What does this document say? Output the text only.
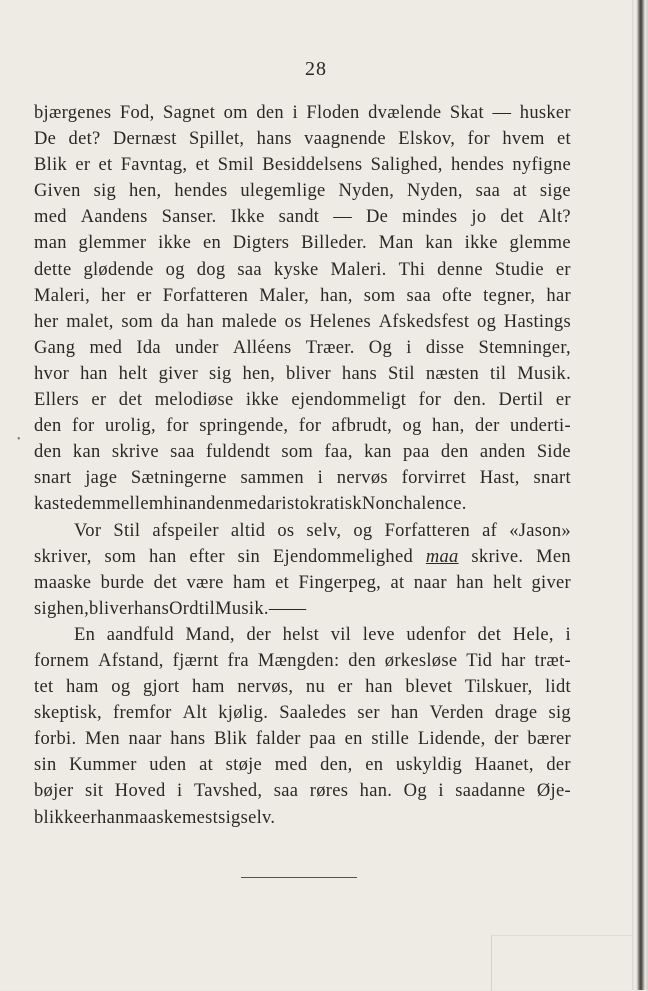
28
•
bjærgenes Fod, Sagnet om den i Floden dvælende Skat — husker
De det? Dernæst Spillet, hans vaagnende Elskov, for hvem et
Blik er et Favntag, et Smil Besiddelsens Salighed, hendes nyfigne
Given sig hen, hendes ulegemlige Nyden, Nyden, saa at sige
med Aandens Sanser. Ikke sandt — De mindes jo det Alt?
man glemmer ikke en Digters Billeder. Man kan ikke glemme
dette glødende og dog saa kyske Maleri. Thi denne Studie er
Maleri, her er Forfatteren Maler, han, som saa ofte tegner, har
her malet, som da han malede os Helenes Afskedsfest og Hastings
Gang med Ida under Alléens Træer. Og i disse Stemninger,
hvor han helt giver sig hen, bliver hans Stil næsten til Musik.
Ellers er det melodiøse ikke ejendommeligt for den. Dertil er
den for urolig, for springende, for afbrudt, og han, der underti-
den kan skrive saa fuldendt som faa, kan paa den anden Side
snart jage Sætningerne sammen i nervøs forvirret Hast, snart
kaste dem mellem hinanden med aristokratisk Nonchalence.
Vor Stil afspeiler altid os selv, og Forfatteren af «Jason»
skriver, som han efter sin Ejendommelighed maa skrive. Men
maaske burde det være ham et Fingerpeg, at naar han helt giver
sig hen, bliver hans Ord til Musik. — —
En aandfuld Mand, der helst vil leve udenfor det Hele, i
fornem Afstand, fjærnt fra Mængden: den ørkesløse Tid har træt-
tet ham og gjort ham nervøs, nu er han blevet Tilskuer, lidt
skeptisk, fremfor Alt kjølig. Saaledes ser han Verden drage sig
forbi. Men naar hans Blik falder paa en stille Lidende, der bærer
sin Kummer uden at støje med den, en uskyldig Haanet, der
bøjer sit Hoved i Tavshed, saa røres han. Og i saadanne Øje-
blikke er han maaske mest sig selv.
